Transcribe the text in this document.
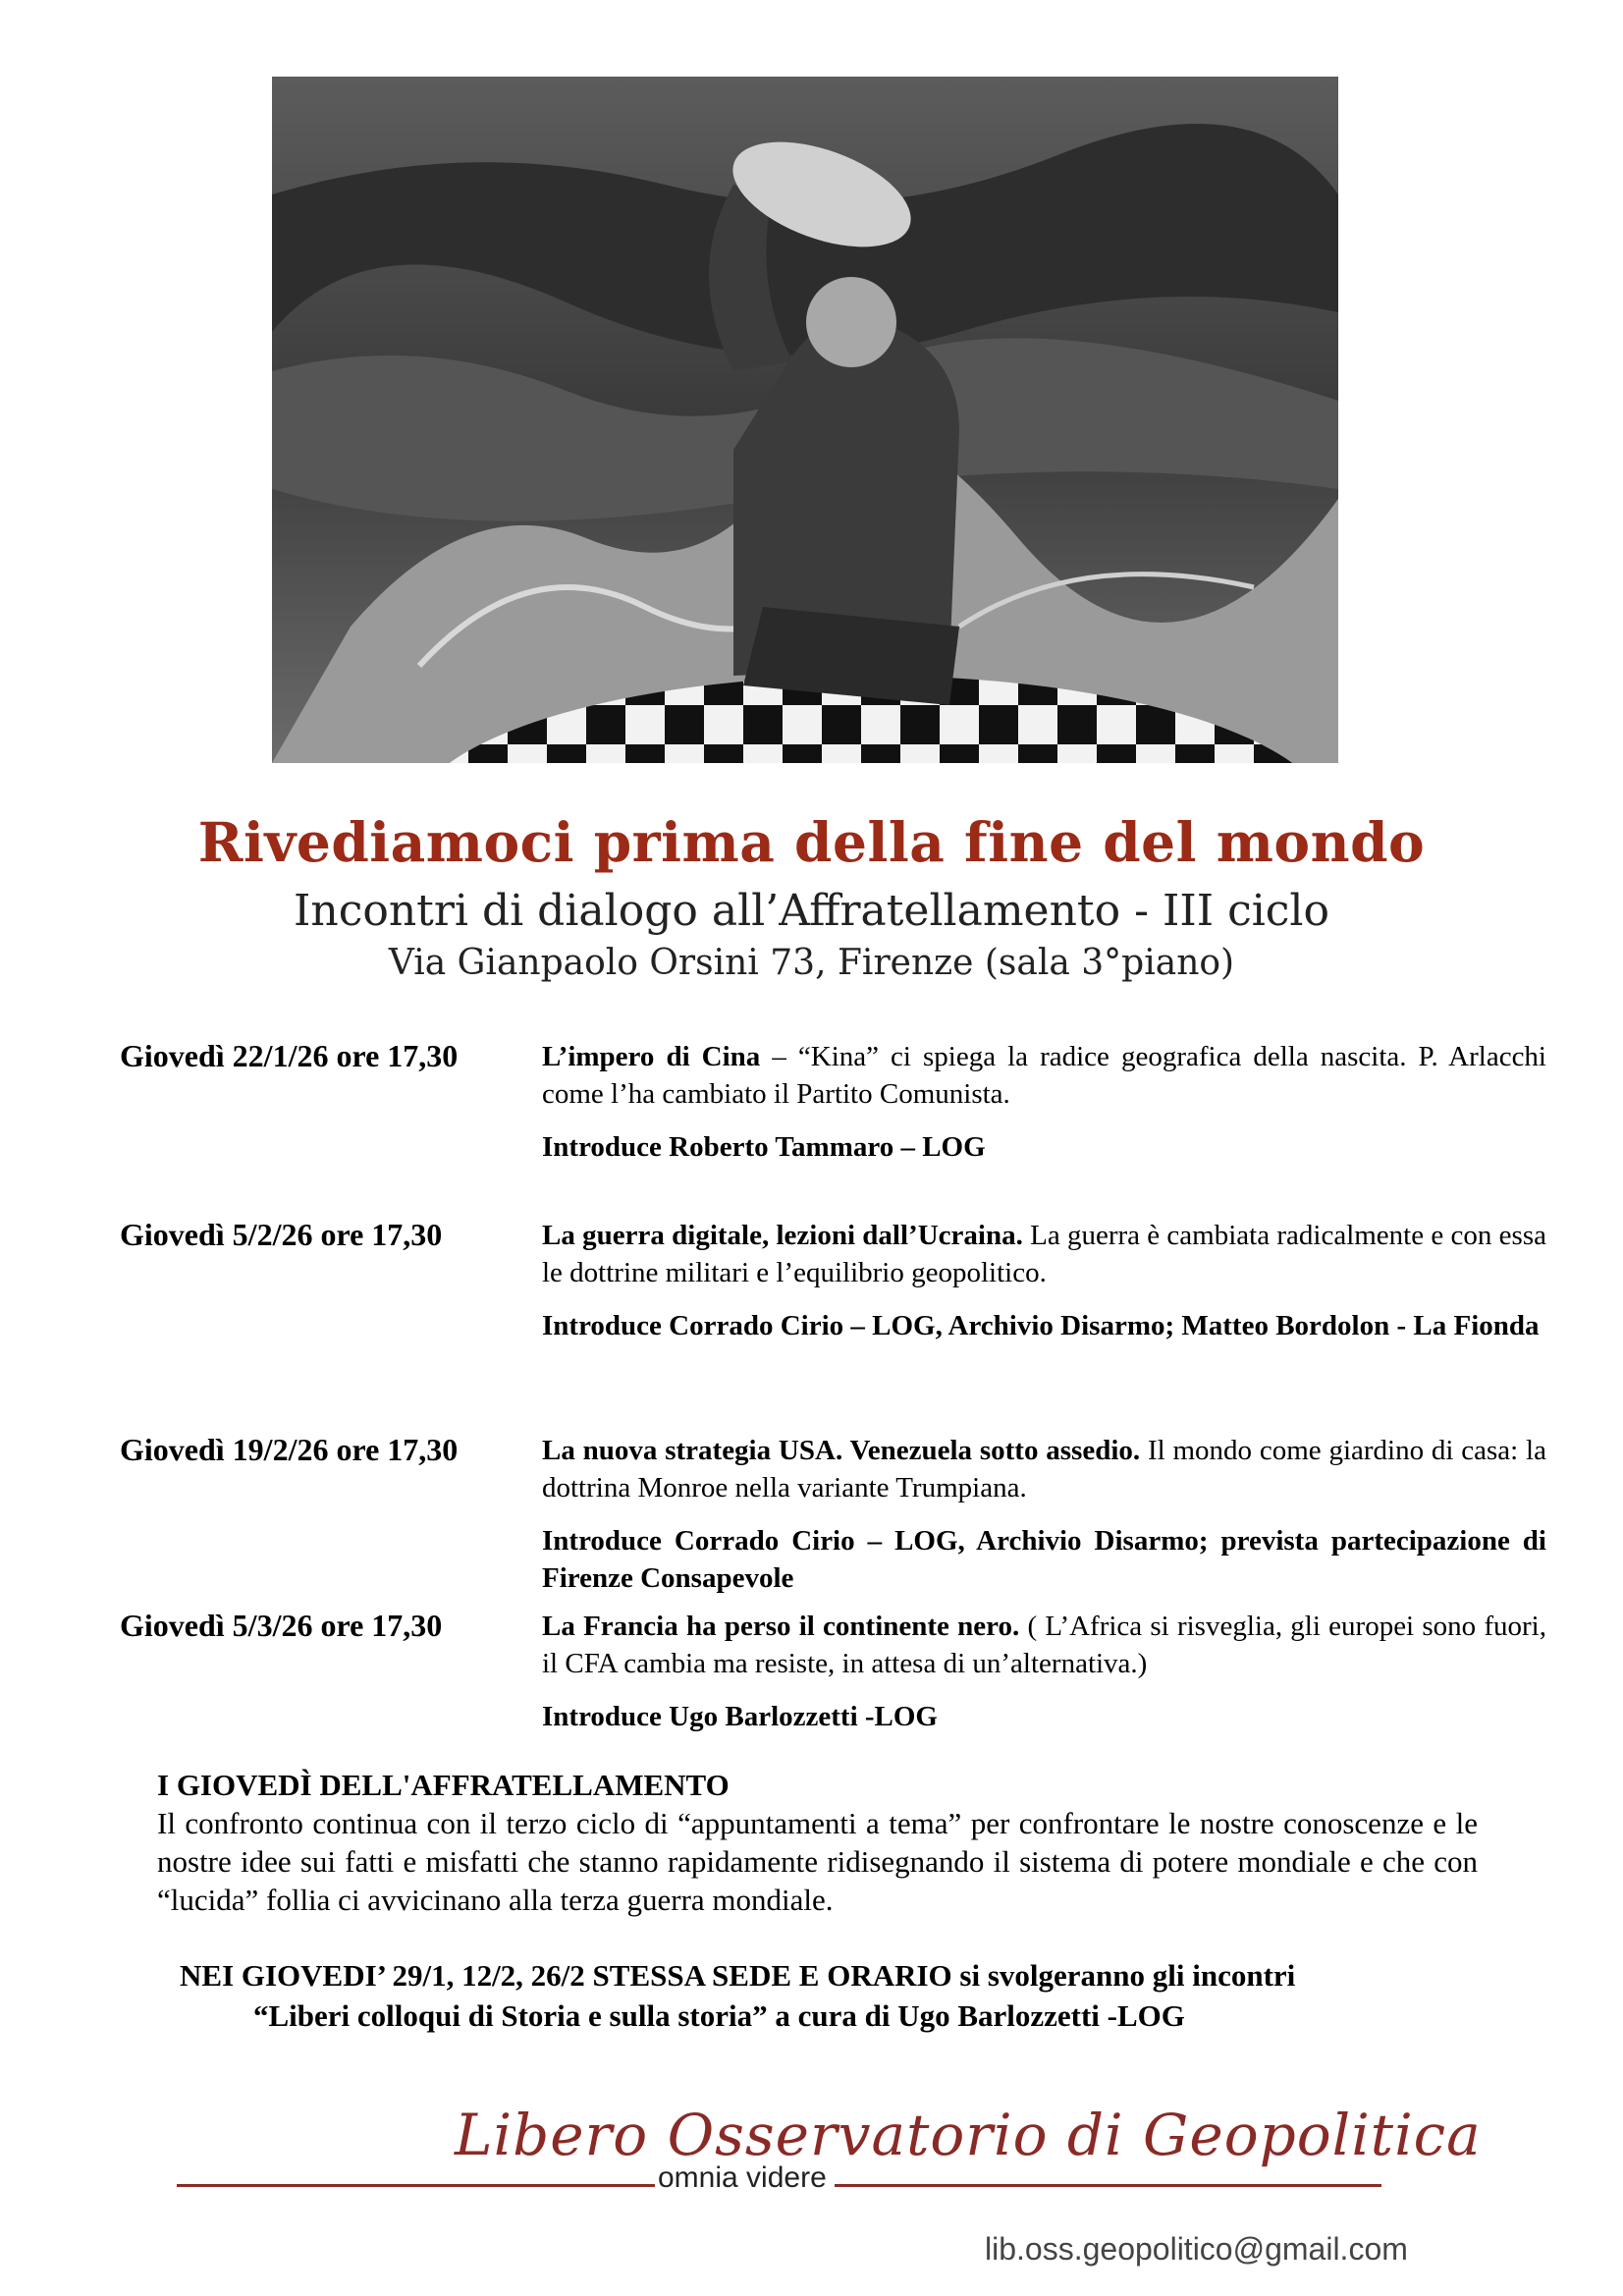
Rivediamoci prima della fine del mondo
Incontri di dialogo all’Affratellamento - III ciclo
Via Gianpaolo Orsini 73, Firenze (sala 3°piano)
Giovedì 22/1/26 ore 17,30	L’impero di Cina – “Kina” ci spiega la radice geografica della nascita. P. Arlacchi come l’ha cambiato il Partito Comunista.
Introduce Roberto Tammaro – LOG
Giovedì 5/2/26 ore 17,30	La guerra digitale, lezioni dall’Ucraina. La guerra è cambiata radicalmente e con essa le dottrine militari e l’equilibrio geopolitico.
Introduce Corrado Cirio – LOG, Archivio Disarmo; Matteo Bordolon - La Fionda
Giovedì 19/2/26 ore 17,30	La nuova strategia USA. Venezuela sotto assedio. Il mondo come giardino di casa: la dottrina Monroe nella variante Trumpiana.
Introduce Corrado Cirio – LOG, Archivio Disarmo; prevista partecipazione di Firenze Consapevole
Giovedì 5/3/26 ore 17,30	La Francia ha perso il continente nero. ( L’Africa si risveglia, gli europei sono fuori, il CFA cambia ma resiste, in attesa di un’alternativa.)
Introduce Ugo Barlozzetti -LOG
I GIOVEDÌ DELL'AFFRATELLAMENTO
Il confronto continua con il terzo ciclo di “appuntamenti a tema” per confrontare le nostre conoscenze e le nostre idee sui fatti e misfatti che stanno rapidamente ridisegnando il sistema di potere mondiale e che con “lucida” follia ci avvicinano alla terza guerra mondiale.
NEI GIOVEDI’ 29/1, 12/2, 26/2 STESSA SEDE E ORARIO si svolgeranno gli incontri
“Liberi colloqui di Storia e sulla storia” a cura di Ugo Barlozzetti -LOG
Libero Osservatorio di Geopolitica
omnia videre
lib.oss.geopolitico@gmail.com
